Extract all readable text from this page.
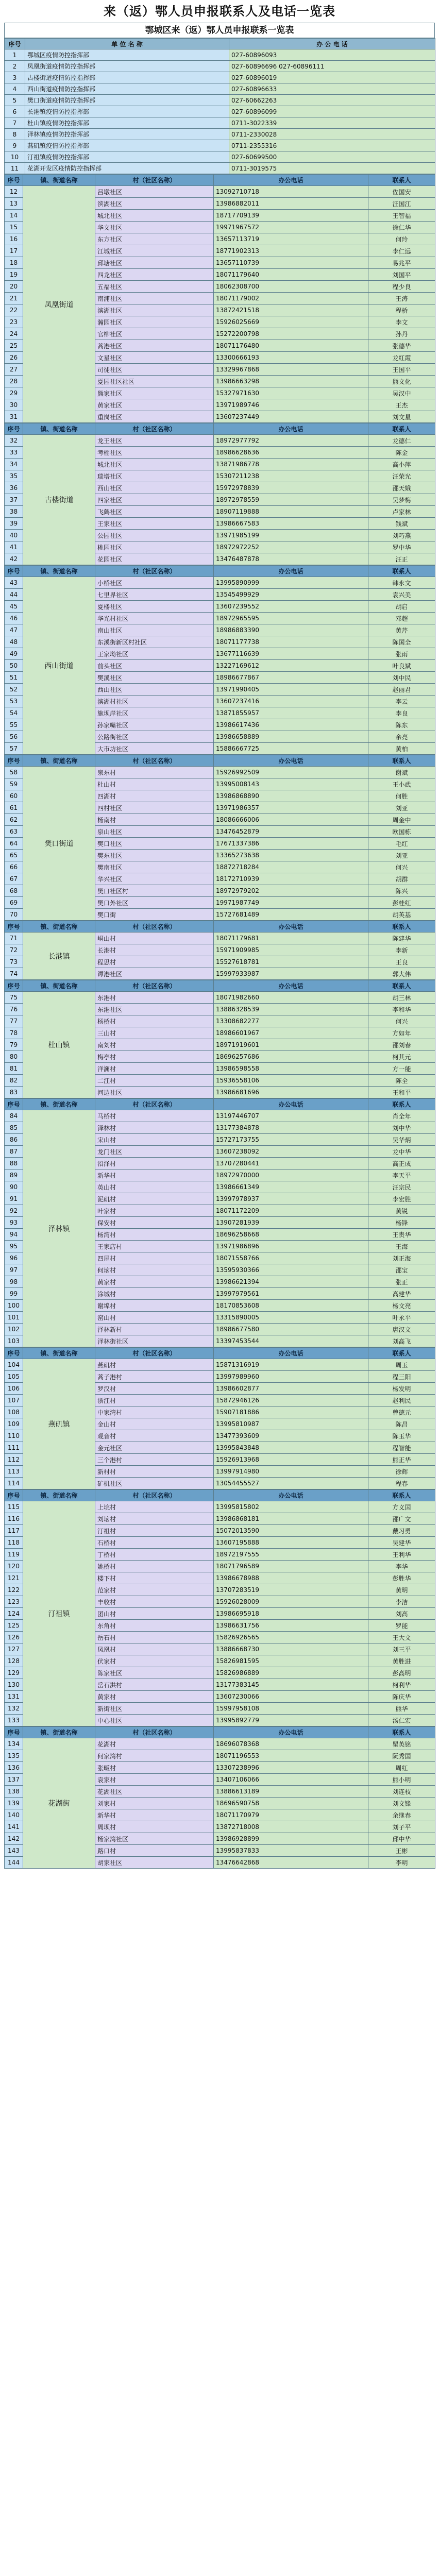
来（返）鄂人员申报联系人及电话一览表
鄂城区来（返）鄂人员申报联系一览表
序号	单 位 名 称	办 公 电 话
1	鄂城区疫情防控指挥部	027-60896093
2	凤凰街道疫情防控指挥部	027-60896696 027-60896111
3	古楼街道疫情防控指挥部	027-60896019
4	西山街道疫情防控指挥部	027-60896633
5	樊口街道疫情防控指挥部	027-60662263
6	长港镇疫情防控指挥部	027-60896099
7	杜山镇疫情防控指挥部	0711-3022339
8	泽林镇疫情防控指挥部	0711-2330028
9	燕矶镇疫情防控指挥部	0711-2355316
10	汀祖镇疫情防控指挥部	027-60699500
11	花湖开发区疫情防控指挥部	0711-3019575
序号	镇、街道名称	村（社区名称）	办公电话	联系人
12	凤凰街道	吕墩社区	13092710718	佐国安
13		滨湖社区	13986882011	汪国江
14		城北社区	18717709139	王智福
15		华文社区	19971967572	徐仁华
16		东方社区	13657113719	何玲
17		江城社区	18771902313	李仁远
18		邱塘社区	13657110739	易兆平
19		四龙社区	18071179640	刘国平
20		五福社区	18062308700	程少良
21		南浦社区	18071179002	王涛
22		滨湖社区	13872421518	程桥
23		瀚园社区	15926025669	李文
24		官柳社区	15272200798	孙丹
25		蒿港社区	18071176480	张德华
26		文星社区	13300666193	龙红霞
27		司徒社区	13329967868	王国平
28		夏园社区社区	13986663298	熊文化
29		熊家社区	15327971630	吴汉中
30		黄家社区	13971989746	王杰
31		重岗社区	13607237449	刘文星
序号	镇、街道名称	村（社区名称）	办公电话	联系人
32	古楼街道	龙王社区	18972977792	龙德仁
33		考棚社区	18986628636	陈金
34		城北社区	13871986778	高小萍
35		瑞塔社区	15307211238	汪荣光
36		西山社区	15972978839	邵天娥
37		四家社区	18972978559	吴梦梅
38		飞鹤社区	18907119888	卢家林
39		王家社区	13986667583	钱斌
40		公园社区	13971985199	刘巧燕
41		桃园社区	18972972252	罗中华
42		花园社区	13476487878	汪正
序号	镇、街道名称	村（社区名称）	办公电话	联系人
43	西山街道	小桥社区	13995890999	韩永文
44		七里界社区	13545499929	袁兴美
45		夏楼社区	13607239552	胡启
46		华光村社区	18972965595	邓超
47		南山社区	18986883390	黄芹
48		东溪街新区村社区	18071177738	陈国全
49		王家坳社区	13677116639	张雨
50		前头社区	13227169612	叶良斌
51		樊溪社区	18986677867	刘中民
52		西山社区	13971990405	赵丽君
53		滨湖村社区	13607237416	李云
54		施坝岸社区	13871855957	李良
55		孙家嘴社区	13986617436	陈东
56		公路街社区	13986658889	余亮
57		大市坊社区	15886667725	黄柏
序号	镇、街道名称	村（社区名称）	办公电话	联系人
58	樊口街道	泉东村	15926992509	谢斌
59		杜山村	13995008143	王小武
60		四湖村	13986868890	何胜
61		四村社区	13971986357	刘亚
62		杨南村	18086666006	周金中
63		泉山社区	13476452879	欧国栋
64		樊口社区	17671337386	毛红
65		樊东社区	13365273638	刘亚
66		樊南社区	18872718284	何兴
67		华兴社区	18172710939	胡群
68		樊口社区村	18972979202	陈兴
69		樊口外社区	19971987749	彭桂红
70		樊口街	15727681489	胡英基
序号	镇、街道名称	村（社区名称）	办公电话	联系人
71	长港镇	峒山村	18071179681	陈建华
72		长港村	15971909985	李新
73		程思村	15527618781	王良
74		谭港社区	15997933987	郭大伟
序号	镇、街道名称	村（社区名称）	办公电话	联系人
75	杜山镇	东港村	18071982660	胡三林
76		东港社区	13886328539	李和华
77		杨桥村	13308682277	何兴
78		三山村	18986601967	方如年
79		南刘村	18971919601	邵刘春
80		梅亭村	18696257686	柯其元
81		洋澜村	13986598558	方一能
82		二江村	15936558106	陈全
83		河边社区	13986681696	王和平
序号	镇、街道名称	村（社区名称）	办公电话	联系人
84	泽林镇	马桥村	13197446707	肖全年
85		泽林村	13177384878	刘中华
86		宋山村	15727173755	吴华炳
87		龙门社区	13607238092	龙中华
88		沼泽村	13707280441	高正成
89		新华村	18972970000	李天平
90		英山村	13986661349	汪宗民
91		泥矶村	13997978937	李宏胜
92		叶家村	18071172209	黄锐
93		保安村	13907281939	杨锋
94		杨湾村	18696258668	王贵华
95		王家店村	13971986896	王海
96		四屋村	18071558766	刘正海
97		何垴村	13595930366	邵宝
98		黄家村	13986621394	张正
99		涂城村	13997979561	高建华
100		谢埠村	18170853608	杨文亮
101		窑山村	13315890005	叶永平
102		泽林新村	18986677580	唐汉文
103		泽林街社区	13397453544	刘高飞
序号	镇、街道名称	村（社区名称）	办公电话	联系人
104	燕矶镇	燕矶村	15871316919	周玉
105		蒿子港村	13997989960	程三阳
106		罗汉村	13986602877	杨发明
107		浙江村	15872946126	赵利民
108		中家湾村	15907181886	曾德元
109		金山村	13995810987	陈昌
110		观音村	13477393609	陈玉华
111		金元社区	13995843848	程智能
112		三个港村	15926913968	熊正华
113		新村村	13997914980	徐辉
114		矿机社区	13054455527	程春
序号	镇、街道名称	村（社区名称）	办公电话	联系人
115	汀祖镇	上垸村	13995815802	方义国
116		刘垴村	13986868181	邵广文
117		汀祖村	15072013590	戴习勇
118		石桥村	13607195888	吴建华
119		丁桥村	18972197555	王利华
120		姚桥村	18071796589	李华
121		楼下村	13986678988	彭胜华
122		范家村	13707283519	黄明
123		丰收村	15926028009	李洁
124		团山村	13986695918	刘高
125		东角村	13986631756	罗能
126		岳石村	15826926565	王大文
127		凤凰村	13886668730	刘三平
128		伏家村	15826981595	黄胜进
129		陈家社区	15826986889	彭高明
130		岳石洪村	13177383145	柯利华
131		黄家村	13607230066	陈庆华
132		新街社区	15997958108	熊华
133		中心社区	13995892779	汤仁宏
序号	镇、街道名称	村（社区名称）	办公电话	联系人
134	花湖街	花湖村	18696078368	瞿英铭
135		何家湾村	18071196553	阮秀国
136		张畈村	13307238996	周红
137		袁家村	13407106066	熊小明
138		花湖社区	13886613189	刘连枝
139		刘家村	18696590758	刘文锋
140		新华村	18071170979	余继春
141		周坝村	13872718008	刘子平
142		杨家湾社区	13986928899	邱中华
143		路口村	13995837833	王彬
144		胡家社区	13476642868	李明
